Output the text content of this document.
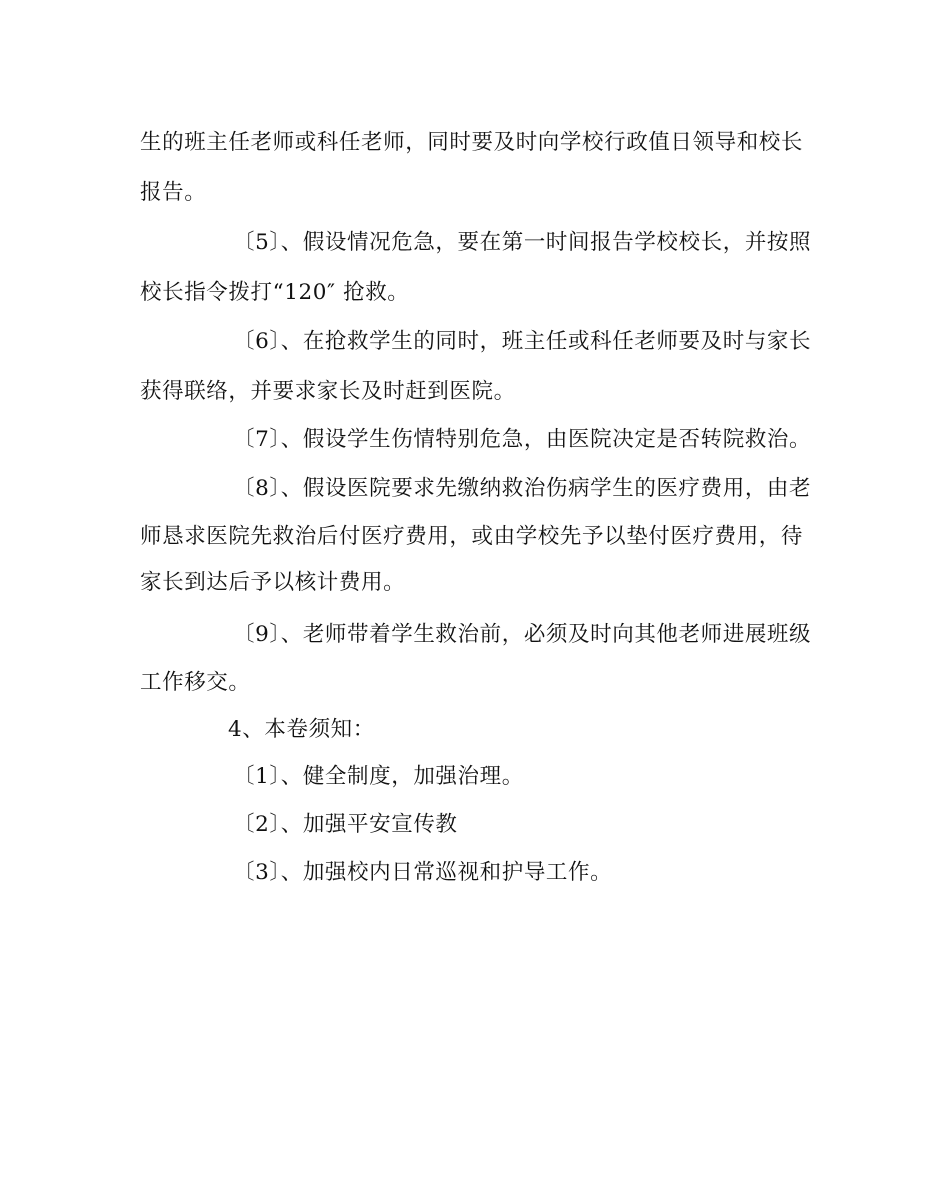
生的班主任老师或科任老师，同时要及时向学校行政值日领导和校长
报告。
〔5〕、假设情况危急，要在第一时间报告学校校长，并按照
校长指令拨打“120″ 抢救。
〔6〕、在抢救学生的同时，班主任或科任老师要及时与家长
获得联络，并要求家长及时赶到医院。
〔7〕、假设学生伤情特别危急，由医院决定是否转院救治。
〔8〕、假设医院要求先缴纳救治伤病学生的医疗费用，由老
师恳求医院先救治后付医疗费用，或由学校先予以垫付医疗费用，待
家长到达后予以核计费用。
〔9〕、老师带着学生救治前，必须及时向其他老师进展班级
工作移交。
4、本卷须知：
〔1〕、健全制度，加强治理。
〔2〕、加强平安宣传教
〔3〕、加强校内日常巡视和护导工作。
